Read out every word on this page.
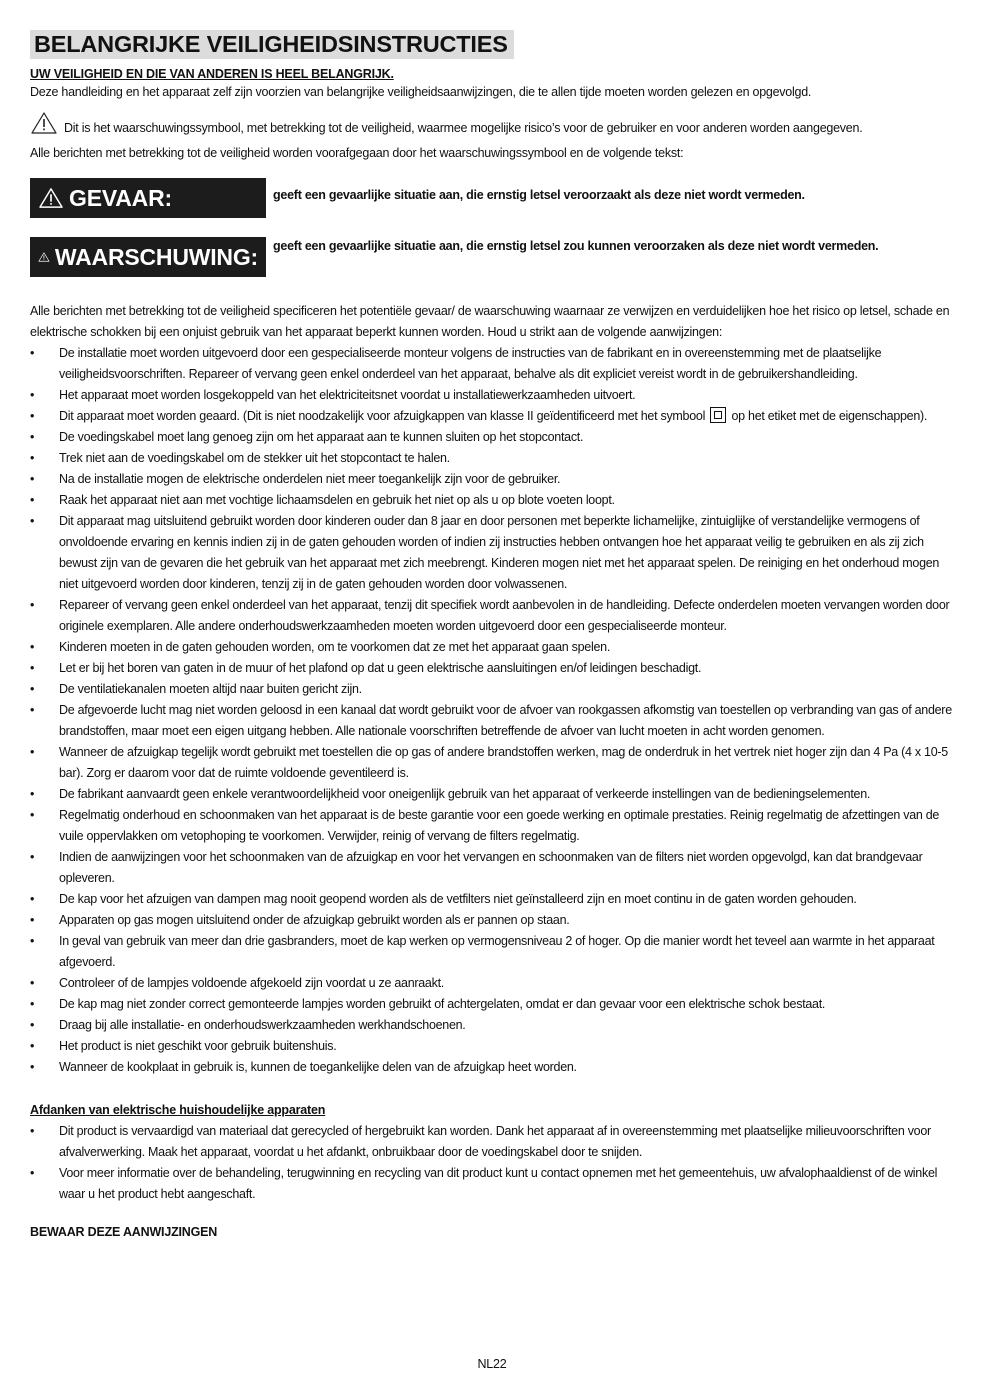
BELANGRIJKE VEILIGHEIDSINSTRUCTIES
UW VEILIGHEID EN DIE VAN ANDEREN IS HEEL BELANGRIJK.
Deze handleiding en het apparaat zelf zijn voorzien van belangrijke veiligheidsaanwijzingen, die te allen tijde moeten worden gelezen en opgevolgd.
Dit is het waarschuwingssymbool, met betrekking tot de veiligheid, waarmee mogelijke risico’s voor de gebruiker en voor anderen worden aangegeven.
Alle berichten met betrekking tot de veiligheid worden voorafgegaan door het waarschuwingssymbool en de volgende tekst:
GEVAAR:	geeft een gevaarlijke situatie aan, die ernstig letsel veroorzaakt als deze niet wordt vermeden.
WAARSCHUWING: geeft een gevaarlijke situatie aan, die ernstig letsel zou kunnen veroorzaken als deze niet wordt vermeden.
Alle berichten met betrekking tot de veiligheid specificeren het potentiële gevaar/ de waarschuwing waarnaar ze verwijzen en verduidelijken hoe het risico op letsel, schade en elektrische schokken bij een onjuist gebruik van het apparaat beperkt kunnen worden. Houd u strikt aan de volgende aanwijzingen:
• De installatie moet worden uitgevoerd door een gespecialiseerde monteur volgens de instructies van de fabrikant en in overeenstemming met de plaatselijke veiligheidsvoorschriften. Repareer of vervang geen enkel onderdeel van het apparaat, behalve als dit expliciet vereist wordt in de gebruikershandleiding.
• Het apparaat moet worden losgekoppeld van het elektriciteitsnet voordat u installatiewerkzaamheden uitvoert.
• Dit apparaat moet worden geaard. (Dit is niet noodzakelijk voor afzuigkappen van klasse II geïdentificeerd met het symbool op het etiket met de eigenschappen).
• De voedingskabel moet lang genoeg zijn om het apparaat aan te kunnen sluiten op het stopcontact.
• Trek niet aan de voedingskabel om de stekker uit het stopcontact te halen.
• Na de installatie mogen de elektrische onderdelen niet meer toegankelijk zijn voor de gebruiker.
• Raak het apparaat niet aan met vochtige lichaamsdelen en gebruik het niet op als u op blote voeten loopt.
• Dit apparaat mag uitsluitend gebruikt worden door kinderen ouder dan 8 jaar en door personen met beperkte lichamelijke, zintuiglijke of verstandelijke vermogens of onvoldoende ervaring en kennis indien zij in de gaten gehouden worden of indien zij instructies hebben ontvangen hoe het apparaat veilig te gebruiken en als zij zich bewust zijn van de gevaren die het gebruik van het apparaat met zich meebrengt. Kinderen mogen niet met het apparaat spelen. De reiniging en het onderhoud mogen niet uitgevoerd worden door kinderen, tenzij zij in de gaten gehouden worden door volwassenen.
• Repareer of vervang geen enkel onderdeel van het apparaat, tenzij dit specifiek wordt aanbevolen in de handleiding. Defecte onderdelen moeten vervangen worden door originele exemplaren. Alle andere onderhoudswerkzaamheden moeten worden uitgevoerd door een gespecialiseerde monteur.
• Kinderen moeten in de gaten gehouden worden, om te voorkomen dat ze met het apparaat gaan spelen.
• Let er bij het boren van gaten in de muur of het plafond op dat u geen elektrische aansluitingen en/of leidingen beschadigt.
• De ventilatiekanalen moeten altijd naar buiten gericht zijn.
• De afgevoerde lucht mag niet worden geloosd in een kanaal dat wordt gebruikt voor de afvoer van rookgassen afkomstig van toestellen op verbranding van gas of andere brandstoffen, maar moet een eigen uitgang hebben. Alle nationale voorschriften betreffende de afvoer van lucht moeten in acht worden genomen.
• Wanneer de afzuigkap tegelijk wordt gebruikt met toestellen die op gas of andere brandstoffen werken, mag de onderdruk in het vertrek niet hoger zijn dan 4 Pa (4 x 10-5 bar). Zorg er daarom voor dat de ruimte voldoende geventileerd is.
• De fabrikant aanvaardt geen enkele verantwoordelijkheid voor oneigenlijk gebruik van het apparaat of verkeerde instellingen van de bedieningselementen.
• Regelmatig onderhoud en schoonmaken van het apparaat is de beste garantie voor een goede werking en optimale prestaties. Reinig regelmatig de afzettingen van de vuile oppervlakken om vetophoping te voorkomen. Verwijder, reinig of vervang de filters regelmatig.
• Indien de aanwijzingen voor het schoonmaken van de afzuigkap en voor het vervangen en schoonmaken van de filters niet worden opgevolgd, kan dat brandgevaar opleveren.
• De kap voor het afzuigen van dampen mag nooit geopend worden als de vetfilters niet geïnstalleerd zijn en moet continu in de gaten worden gehouden.
• Apparaten op gas mogen uitsluitend onder de afzuigkap gebruikt worden als er pannen op staan.
• In geval van gebruik van meer dan drie gasbranders, moet de kap werken op vermogensniveau 2 of hoger. Op die manier wordt het teveel aan warmte in het apparaat afgevoerd.
• Controleer of de lampjes voldoende afgekoeld zijn voordat u ze aanraakt.
• De kap mag niet zonder correct gemonteerde lampjes worden gebruikt of achtergelaten, omdat er dan gevaar voor een elektrische schok bestaat.
• Draag bij alle installatie- en onderhoudswerkzaamheden werkhandschoenen.
• Het product is niet geschikt voor gebruik buitenshuis.
• Wanneer de kookplaat in gebruik is, kunnen de toegankelijke delen van de afzuigkap heet worden.
Afdanken van elektrische huishoudelijke apparaten
• Dit product is vervaardigd van materiaal dat gerecycled of hergebruikt kan worden. Dank het apparaat af in overeenstemming met plaatselijke milieuvoorschriften voor afvalverwerking. Maak het apparaat, voordat u het afdankt, onbruikbaar door de voedingskabel door te snijden.
• Voor meer informatie over de behandeling, terugwinning en recycling van dit product kunt u contact opnemen met het gemeentehuis, uw afvalophaaldienst of de winkel waar u het product hebt aangeschaft.
BEWAAR DEZE AANWIJZINGEN
NL22
